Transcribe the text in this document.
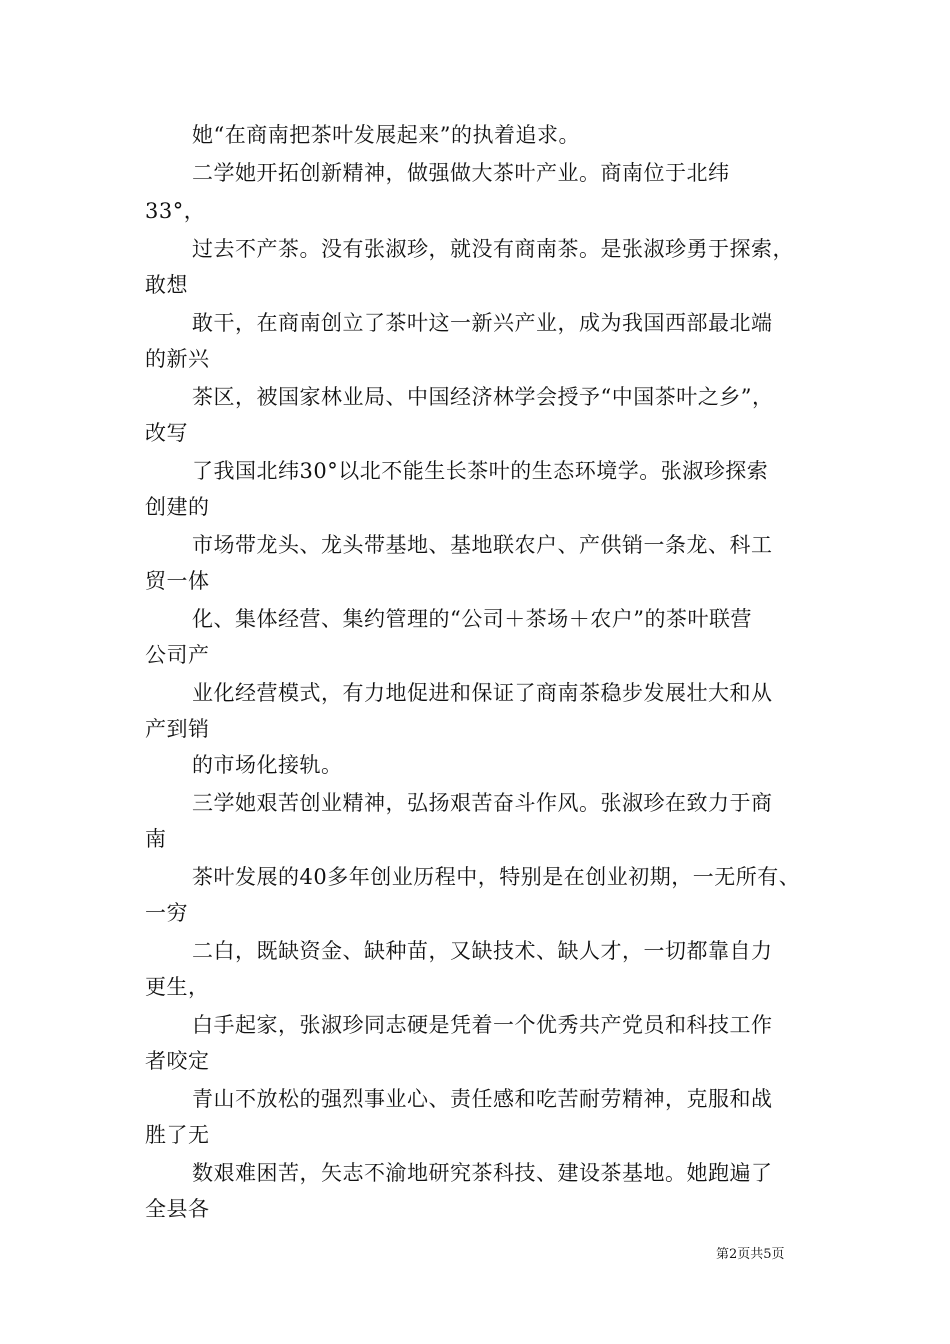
她“在商南把茶叶发展起来”的执着追求。
二学她开拓创新精神，做强做大茶叶产业。商南位于北纬
33°，
过去不产茶。没有张淑珍，就没有商南茶。是张淑珍勇于探索，
敢想
敢干，在商南创立了茶叶这一新兴产业，成为我国西部最北端
的新兴
茶区，被国家林业局、中国经济林学会授予“中国茶叶之乡”，
改写
了我国北纬30°以北不能生长茶叶的生态环境学。张淑珍探索
创建的
市场带龙头、龙头带基地、基地联农户、产供销一条龙、科工
贸一体
化、集体经营、集约管理的“公司＋茶场＋农户”的茶叶联营
公司产
业化经营模式，有力地促进和保证了商南茶稳步发展壮大和从
产到销
的市场化接轨。
三学她艰苦创业精神，弘扬艰苦奋斗作风。张淑珍在致力于商
南
茶叶发展的40多年创业历程中，特别是在创业初期，一无所有、
一穷
二白，既缺资金、缺种苗，又缺技术、缺人才，一切都靠自力
更生，
白手起家，张淑珍同志硬是凭着一个优秀共产党员和科技工作
者咬定
青山不放松的强烈事业心、责任感和吃苦耐劳精神，克服和战
胜了无
数艰难困苦，矢志不渝地研究茶科技、建设茶基地。她跑遍了
全县各
第2页共5页
